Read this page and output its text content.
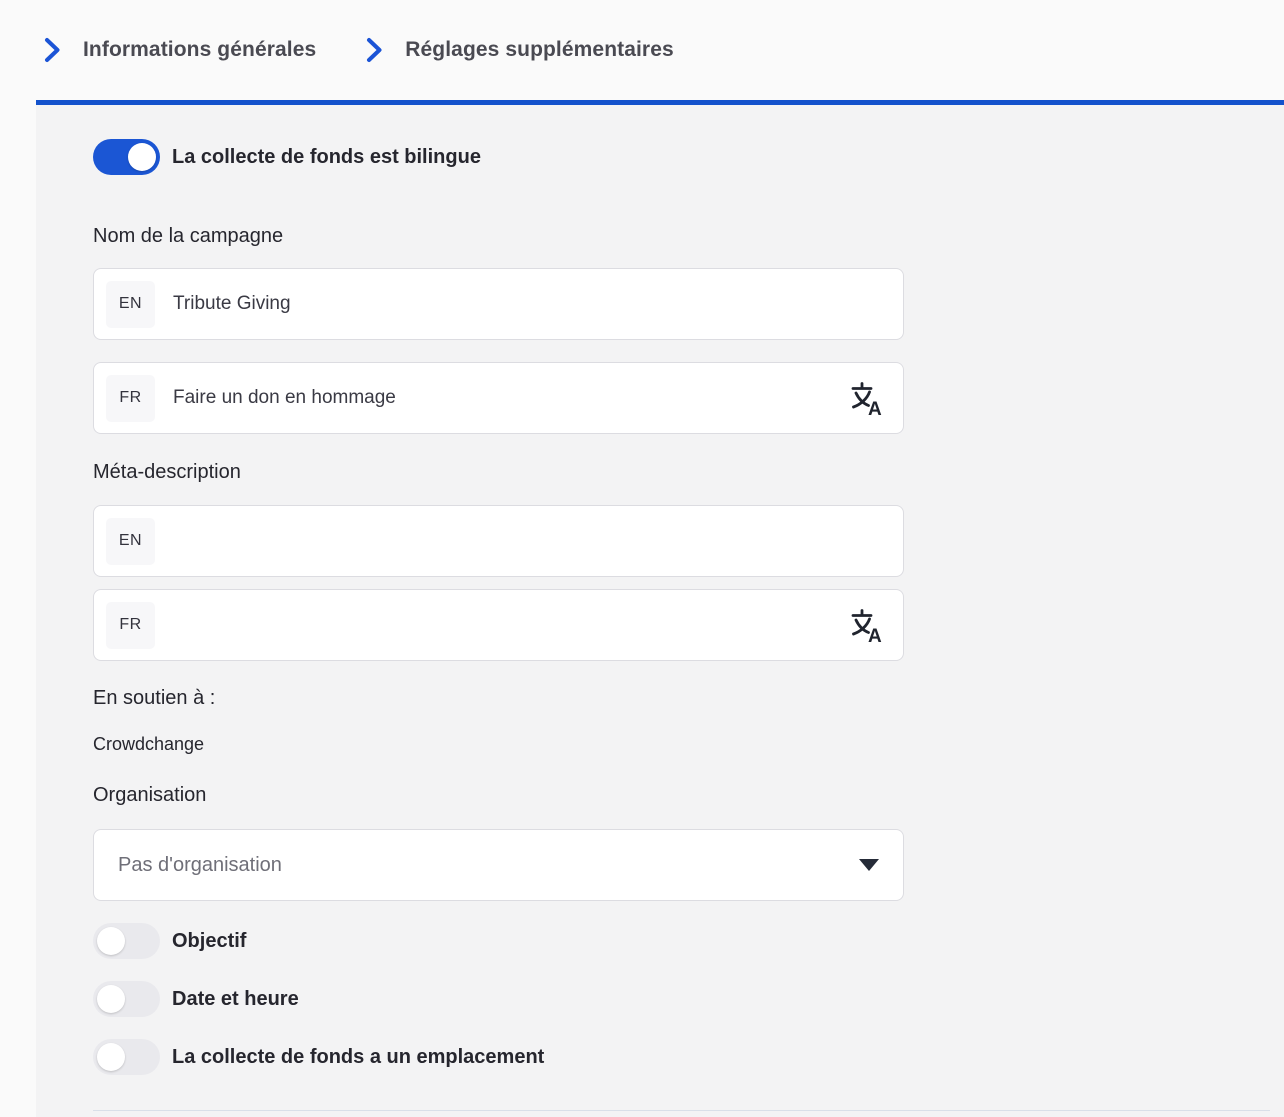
Informations générales	Réglages supplémentaires
La collecte de fonds est bilingue
Nom de la campagne
EN
Tribute Giving
FR
Faire un don en hommage
A
Méta-description
EN
FR
A
En soutien à :
Crowdchange
Organisation
Pas d'organisation
Objectif
Date et heure
La collecte de fonds a un emplacement
